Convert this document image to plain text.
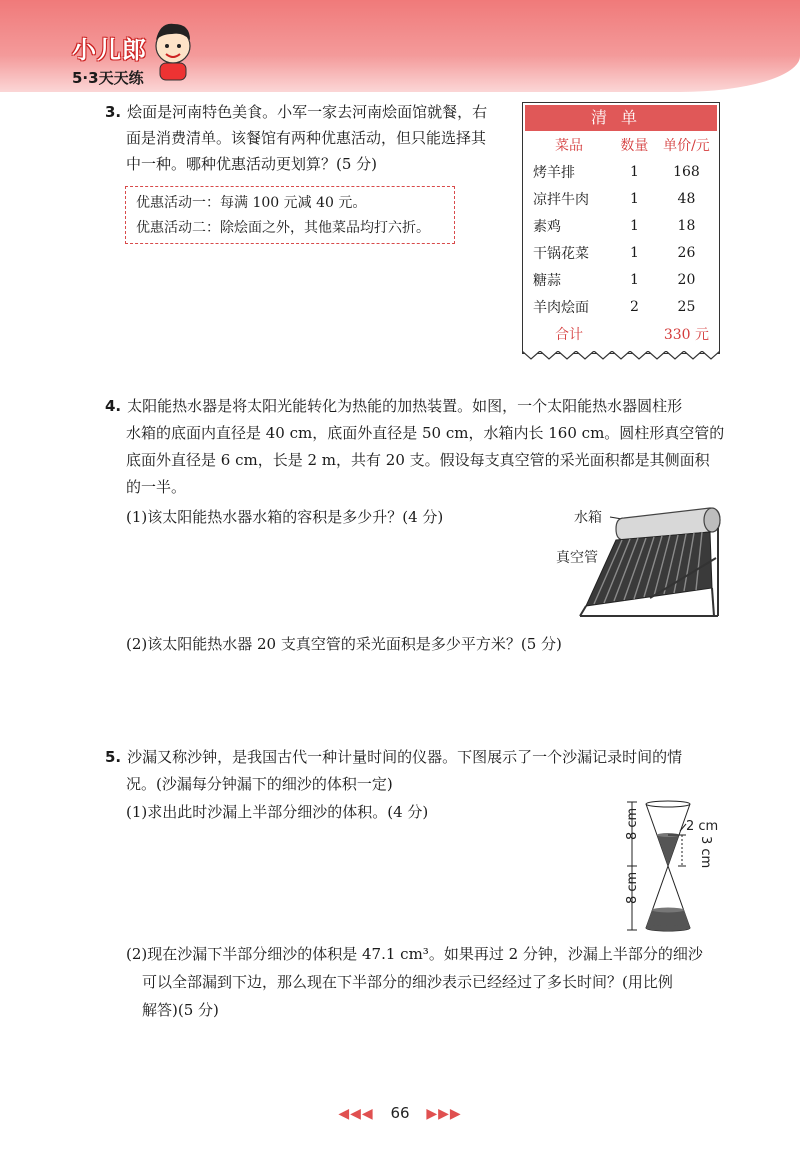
小儿郎
5·3天天练
3. 烩面是河南特色美食。小军一家去河南烩面馆就餐，右
面是消费清单。该餐馆有两种优惠活动，但只能选择其
中一种。哪种优惠活动更划算？(5 分)
优惠活动一：每满 100 元减 40 元。
优惠活动二：除烩面之外，其他菜品均打六折。
清单
菜品	数量	单价/元
烤羊排	1	168
凉拌牛肉	1	48
素鸡	1	18
干锅花菜	1	26
糖蒜	1	20
羊肉烩面	2	25
合计		330 元
4. 太阳能热水器是将太阳光能转化为热能的加热装置。如图，一个太阳能热水器圆柱形
水箱的底面内直径是 40 cm，底面外直径是 50 cm，水箱内长 160 cm。圆柱形真空管的
底面外直径是 6 cm，长是 2 m，共有 20 支。假设每支真空管的采光面积都是其侧面积
的一半。
(1)该太阳能热水器水箱的容积是多少升？(4 分)
(2)该太阳能热水器 20 支真空管的采光面积是多少平方米？(5 分)
水箱
真空管
5. 沙漏又称沙钟，是我国古代一种计量时间的仪器。下图展示了一个沙漏记录时间的情
况。(沙漏每分钟漏下的细沙的体积一定)
(1)求出此时沙漏上半部分细沙的体积。(4 分)
(2)现在沙漏下半部分细沙的体积是 47.1 cm³。如果再过 2 分钟，沙漏上半部分的细沙
可以全部漏到下边，那么现在下半部分的细沙表示已经经过了多长时间？(用比例
解答)(5 分)
8 cm
8 cm
2 cm
3 cm
◀◀◀ 66 ▶▶▶
